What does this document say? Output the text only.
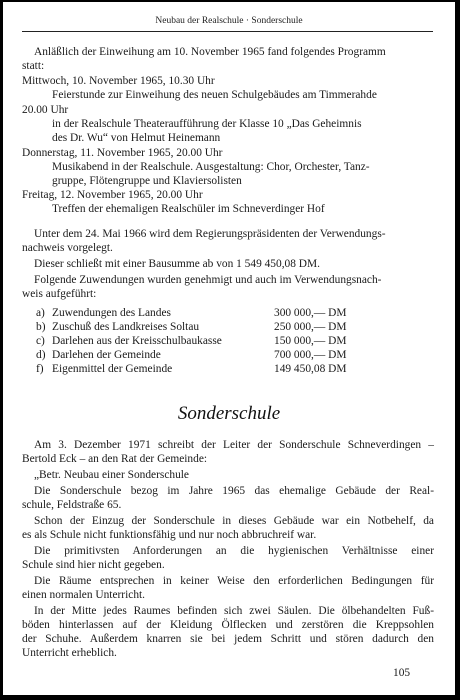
Neubau der Realschule · Sonderschule
Anläßlich der Einweihung am 10. November 1965 fand folgendes Programm
statt:
Mittwoch, 10. November 1965, 10.30 Uhr
Feierstunde zur Einweihung des neuen Schulgebäudes am Timmerahde
20.00 Uhr
in der Realschule Theateraufführung der Klasse 10 „Das Geheimnis
des Dr. Wu“ von Helmut Heinemann
Donnerstag, 11. November 1965, 20.00 Uhr
Musikabend in der Realschule. Ausgestaltung: Chor, Orchester, Tanz-
gruppe, Flötengruppe und Klaviersolisten
Freitag, 12. November 1965, 20.00 Uhr
Treffen der ehemaligen Realschüler im Schneverdinger Hof
Unter dem 24. Mai 1966 wird dem Regierungspräsidenten der Verwendungs-
nachweis vorgelegt.
Dieser schließt mit einer Bausumme ab von 1 549 450,08 DM.
Folgende Zuwendungen wurden genehmigt und auch im Verwendungsnach-
weis aufgeführt:
a) Zuwendungen des Landes	300 000,— DM
b) Zuschuß des Landkreises Soltau	250 000,— DM
c) Darlehen aus der Kreisschulbaukasse	150 000,— DM
d) Darlehen der Gemeinde	700 000,— DM
f) Eigenmittel der Gemeinde	149 450,08 DM
Sonderschule
Am 3. Dezember 1971 schreibt der Leiter der Sonderschule Schneverdingen –
Bertold Eck – an den Rat der Gemeinde:
„Betr. Neubau einer Sonderschule
Die Sonderschule bezog im Jahre 1965 das ehemalige Gebäude der Real-
schule, Feldstraße 65.
Schon der Einzug der Sonderschule in dieses Gebäude war ein Notbehelf, da
es als Schule nicht funktionsfähig und nur noch abbruchreif war.
Die primitivsten Anforderungen an die hygienischen Verhältnisse einer
Schule sind hier nicht gegeben.
Die Räume entsprechen in keiner Weise den erforderlichen Bedingungen für
einen normalen Unterricht.
In der Mitte jedes Raumes befinden sich zwei Säulen. Die ölbehandelten Fuß-
böden hinterlassen auf der Kleidung Ölflecken und zerstören die Kreppsohlen
der Schuhe. Außerdem knarren sie bei jedem Schritt und stören dadurch den
Unterricht erheblich.
105
